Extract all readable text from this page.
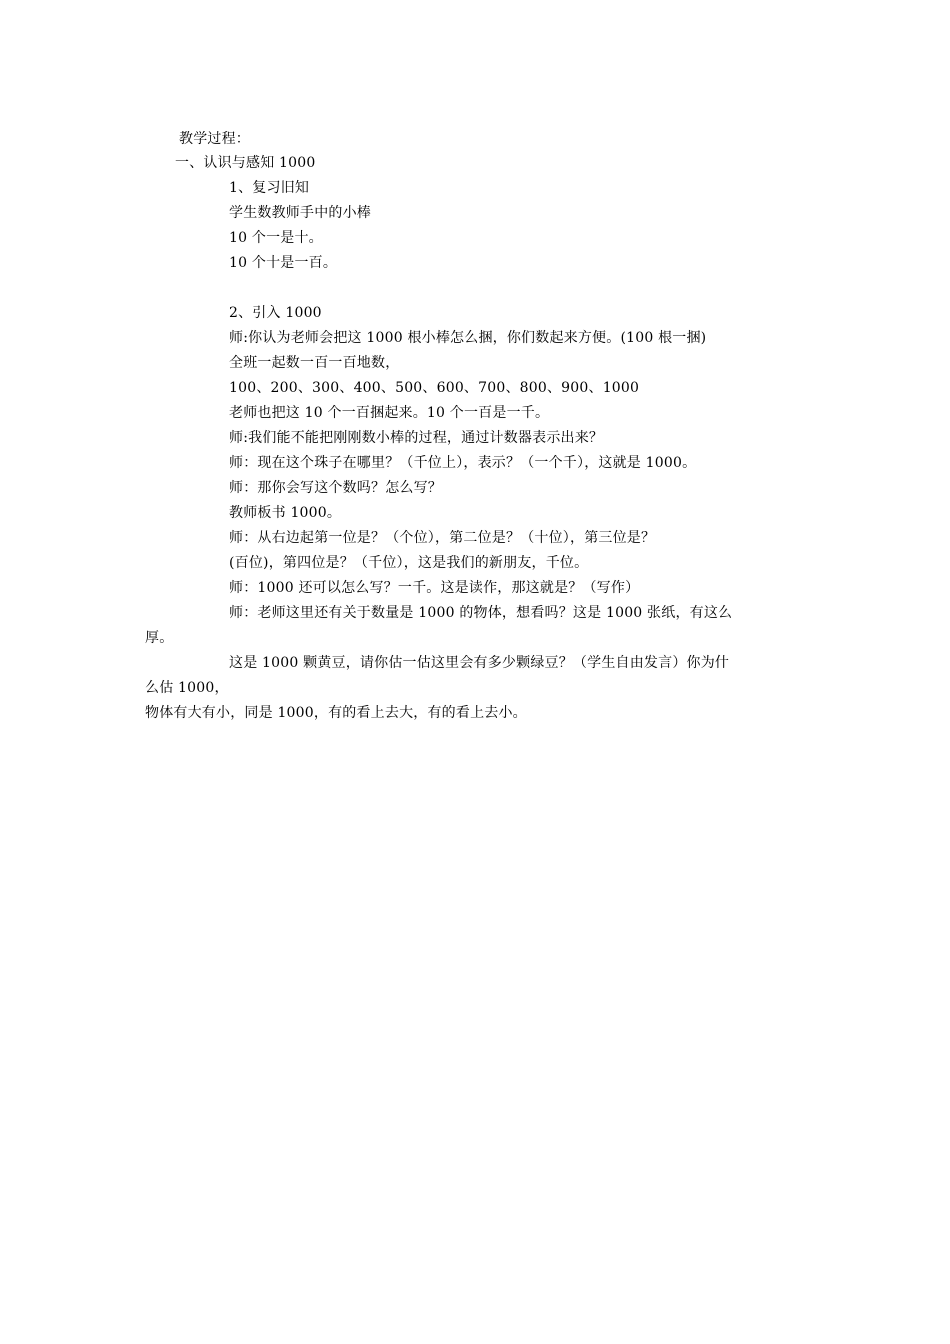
教学过程：
一、认识与感知 1000
1、复习旧知
学生数教师手中的小棒
10 个一是十。
10 个十是一百。
2、引入 1000
师:你认为老师会把这 1000 根小棒怎么捆，你们数起来方便。(100 根一捆)
全班一起数一百一百地数，
100、200、300、400、500、600、700、800、900、1000
老师也把这 10 个一百捆起来。10 个一百是一千。
师:我们能不能把刚刚数小棒的过程，通过计数器表示出来？
师：现在这个珠子在哪里？（千位上），表示？（一个千），这就是 1000。
师：那你会写这个数吗？怎么写？
教师板书 1000。
师：从右边起第一位是？（个位），第二位是？（十位），第三位是？
(百位)，第四位是？（千位），这是我们的新朋友，千位。
师：1000 还可以怎么写？一千。这是读作，那这就是？（写作）
师：老师这里还有关于数量是 1000 的物体，想看吗？这是 1000 张纸，有这么
厚。
这是 1000 颗黄豆，请你估一估这里会有多少颗绿豆？（学生自由发言）你为什
么估 1000，
物体有大有小，同是 1000，有的看上去大，有的看上去小。
